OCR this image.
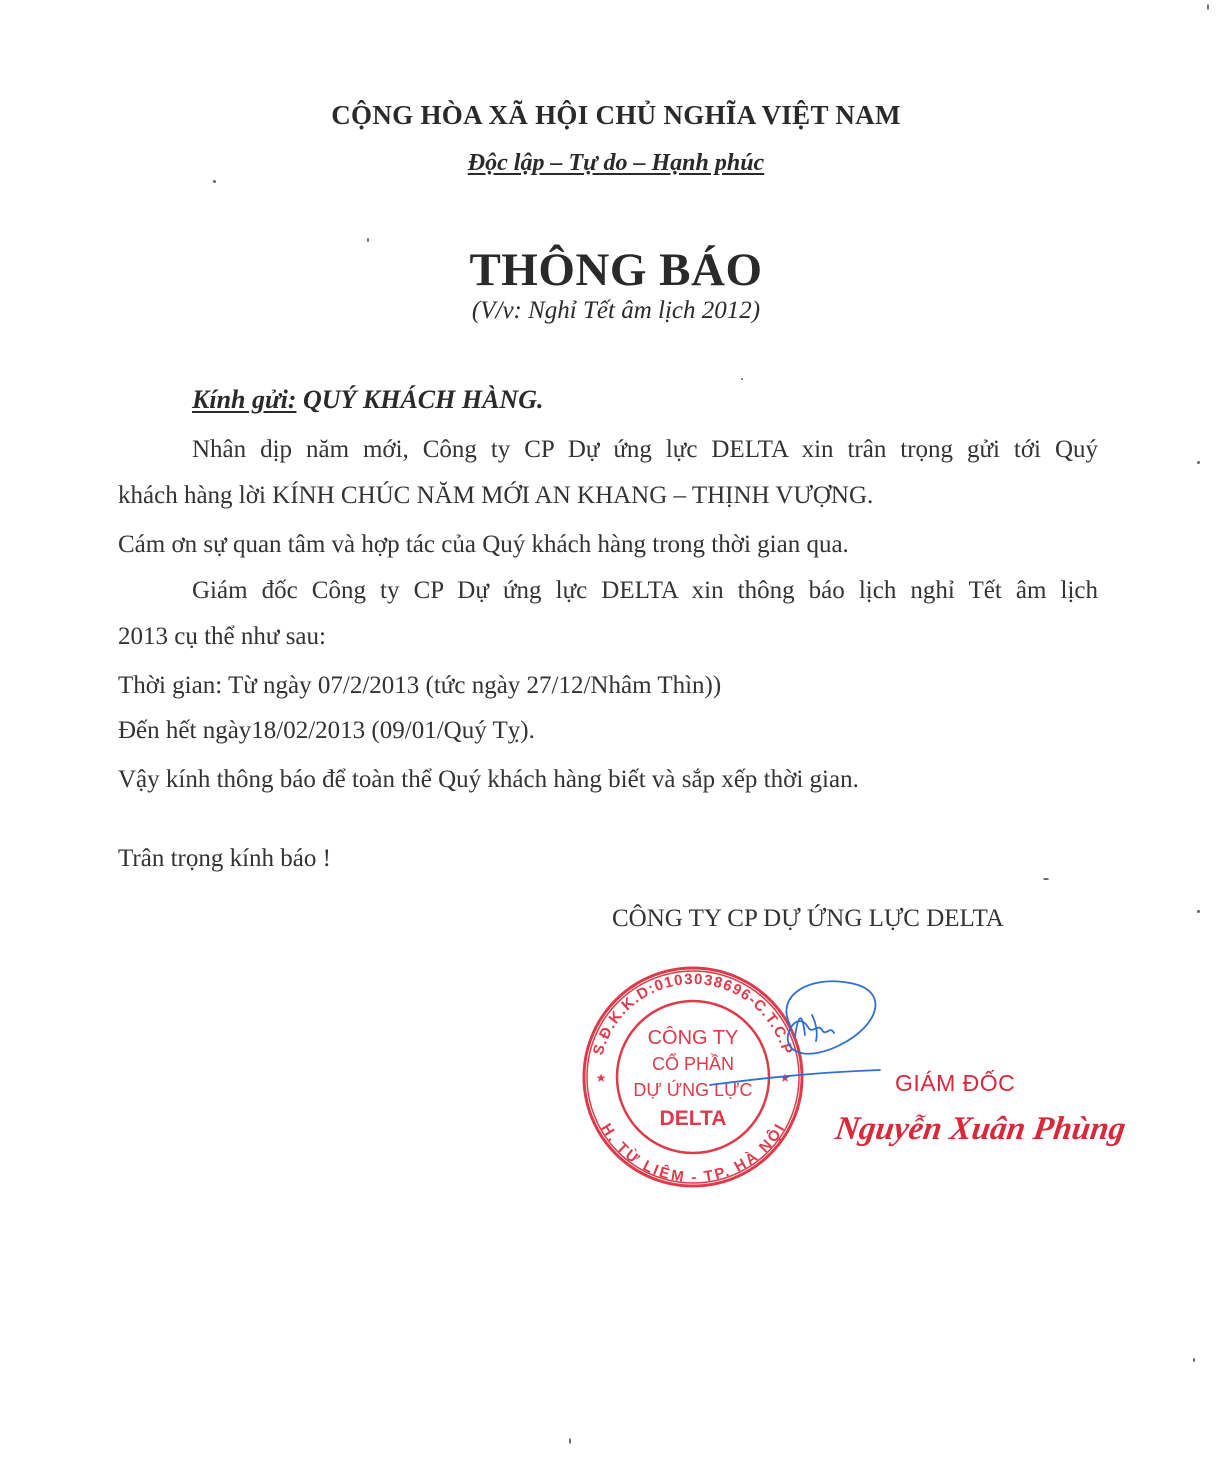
CỘNG HÒA XÃ HỘI CHỦ NGHĨA VIỆT NAM
Độc lập – Tự do – Hạnh phúc
THÔNG BÁO
(V/v: Nghỉ Tết âm lịch 2012)
Kính gửi: QUÝ KHÁCH HÀNG.
Nhân dịp năm mới, Công ty CP Dự ứng lực DELTA xin trân trọng gửi tới Quý
khách hàng lời KÍNH CHÚC NĂM MỚI AN KHANG – THỊNH VƯỢNG.
Cám ơn sự quan tâm và hợp tác của Quý khách hàng trong thời gian qua.
Giám đốc Công ty CP Dự ứng lực DELTA xin thông báo lịch nghỉ Tết âm lịch
2013 cụ thể như sau:
Thời gian: Từ ngày 07/2/2013 (tức ngày 27/12/Nhâm Thìn))
Đến hết ngày18/02/2013 (09/01/Quý Tỵ).
Vậy kính thông báo để toàn thể Quý khách hàng biết và sắp xếp thời gian.
Trân trọng kính báo !
CÔNG TY CP DỰ ỨNG LỰC DELTA
S.Đ.K.K.D:0103038696-C.T.C.P
H. TỪ LIÊM - TP. HÀ NỘI
CÔNG TY
CỔ PHẦN
DỰ ỨNG LỰC
DELTA
★	★	GIÁM ĐỐC
Nguyễn Xuân Phùng
